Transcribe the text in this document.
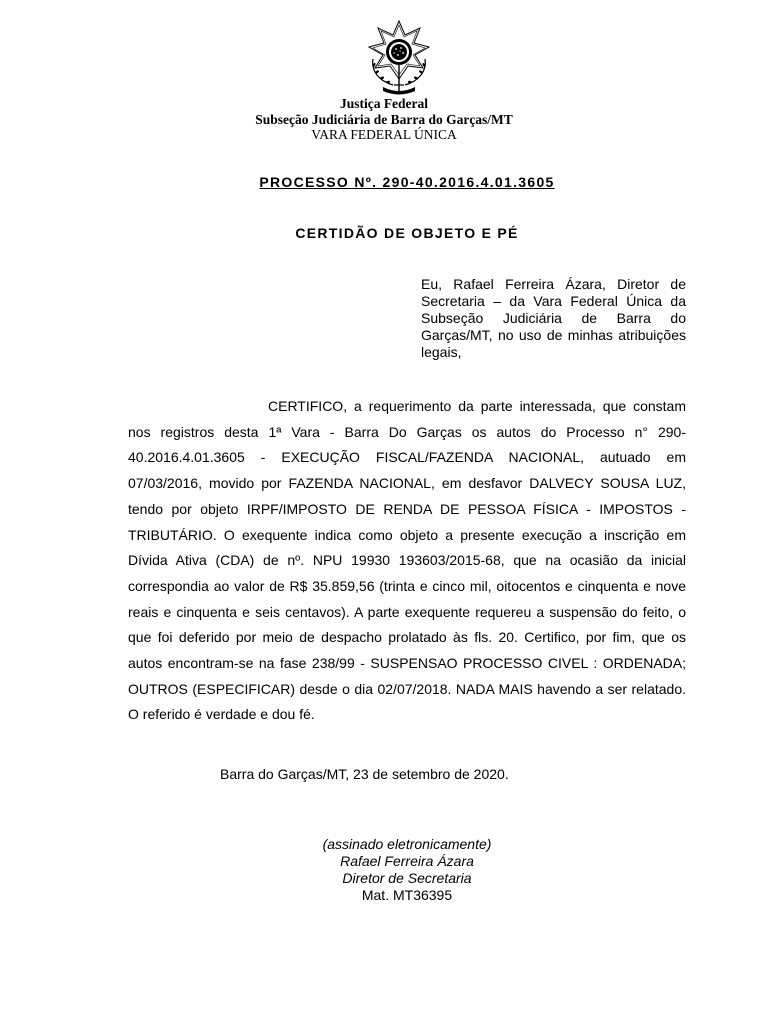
Justiça Federal
Subseção Judiciária de Barra do Garças/MT
VARA FEDERAL ÚNICA
PROCESSO Nº. 290-40.2016.4.01.3605
CERTIDÃO DE OBJETO E PÉ
Eu, Rafael Ferreira Ázara, Diretor de Secretaria – da Vara Federal Única da Subseção Judiciária de Barra do Garças/MT, no uso de minhas atribuições legais,

CERTIFICO, a requerimento da parte interessada, que constam nos registros desta 1ª Vara - Barra Do Garças os autos do Processo n° 290-40.2016.4.01.3605 - EXECUÇÃO FISCAL/FAZENDA NACIONAL, autuado em 07/03/2016, movido por FAZENDA NACIONAL, em desfavor DALVECY SOUSA LUZ, tendo por objeto IRPF/IMPOSTO DE RENDA DE PESSOA FÍSICA - IMPOSTOS - TRIBUTÁRIO. O exequente indica como objeto a presente execução a inscrição em Dívida Ativa (CDA) de nº. NPU 19930 193603/2015-68, que na ocasião da inicial correspondia ao valor de R$ 35.859,56 (trinta e cinco mil, oitocentos e cinquenta e nove reais e cinquenta e seis centavos). A parte exequente requereu a suspensão do feito, o que foi deferido por meio de despacho prolatado às fls. 20. Certifico, por fim, que os autos encontram-se na fase 238/99 - SUSPENSAO PROCESSO CIVEL : ORDENADA; OUTROS (ESPECIFICAR) desde o dia 02/07/2018. NADA MAIS havendo a ser relatado. O referido é verdade e dou fé.

Barra do Garças/MT, 23 de setembro de 2020.
(assinado eletronicamente)
Rafael Ferreira Ázara
Diretor de Secretaria
Mat. MT36395
